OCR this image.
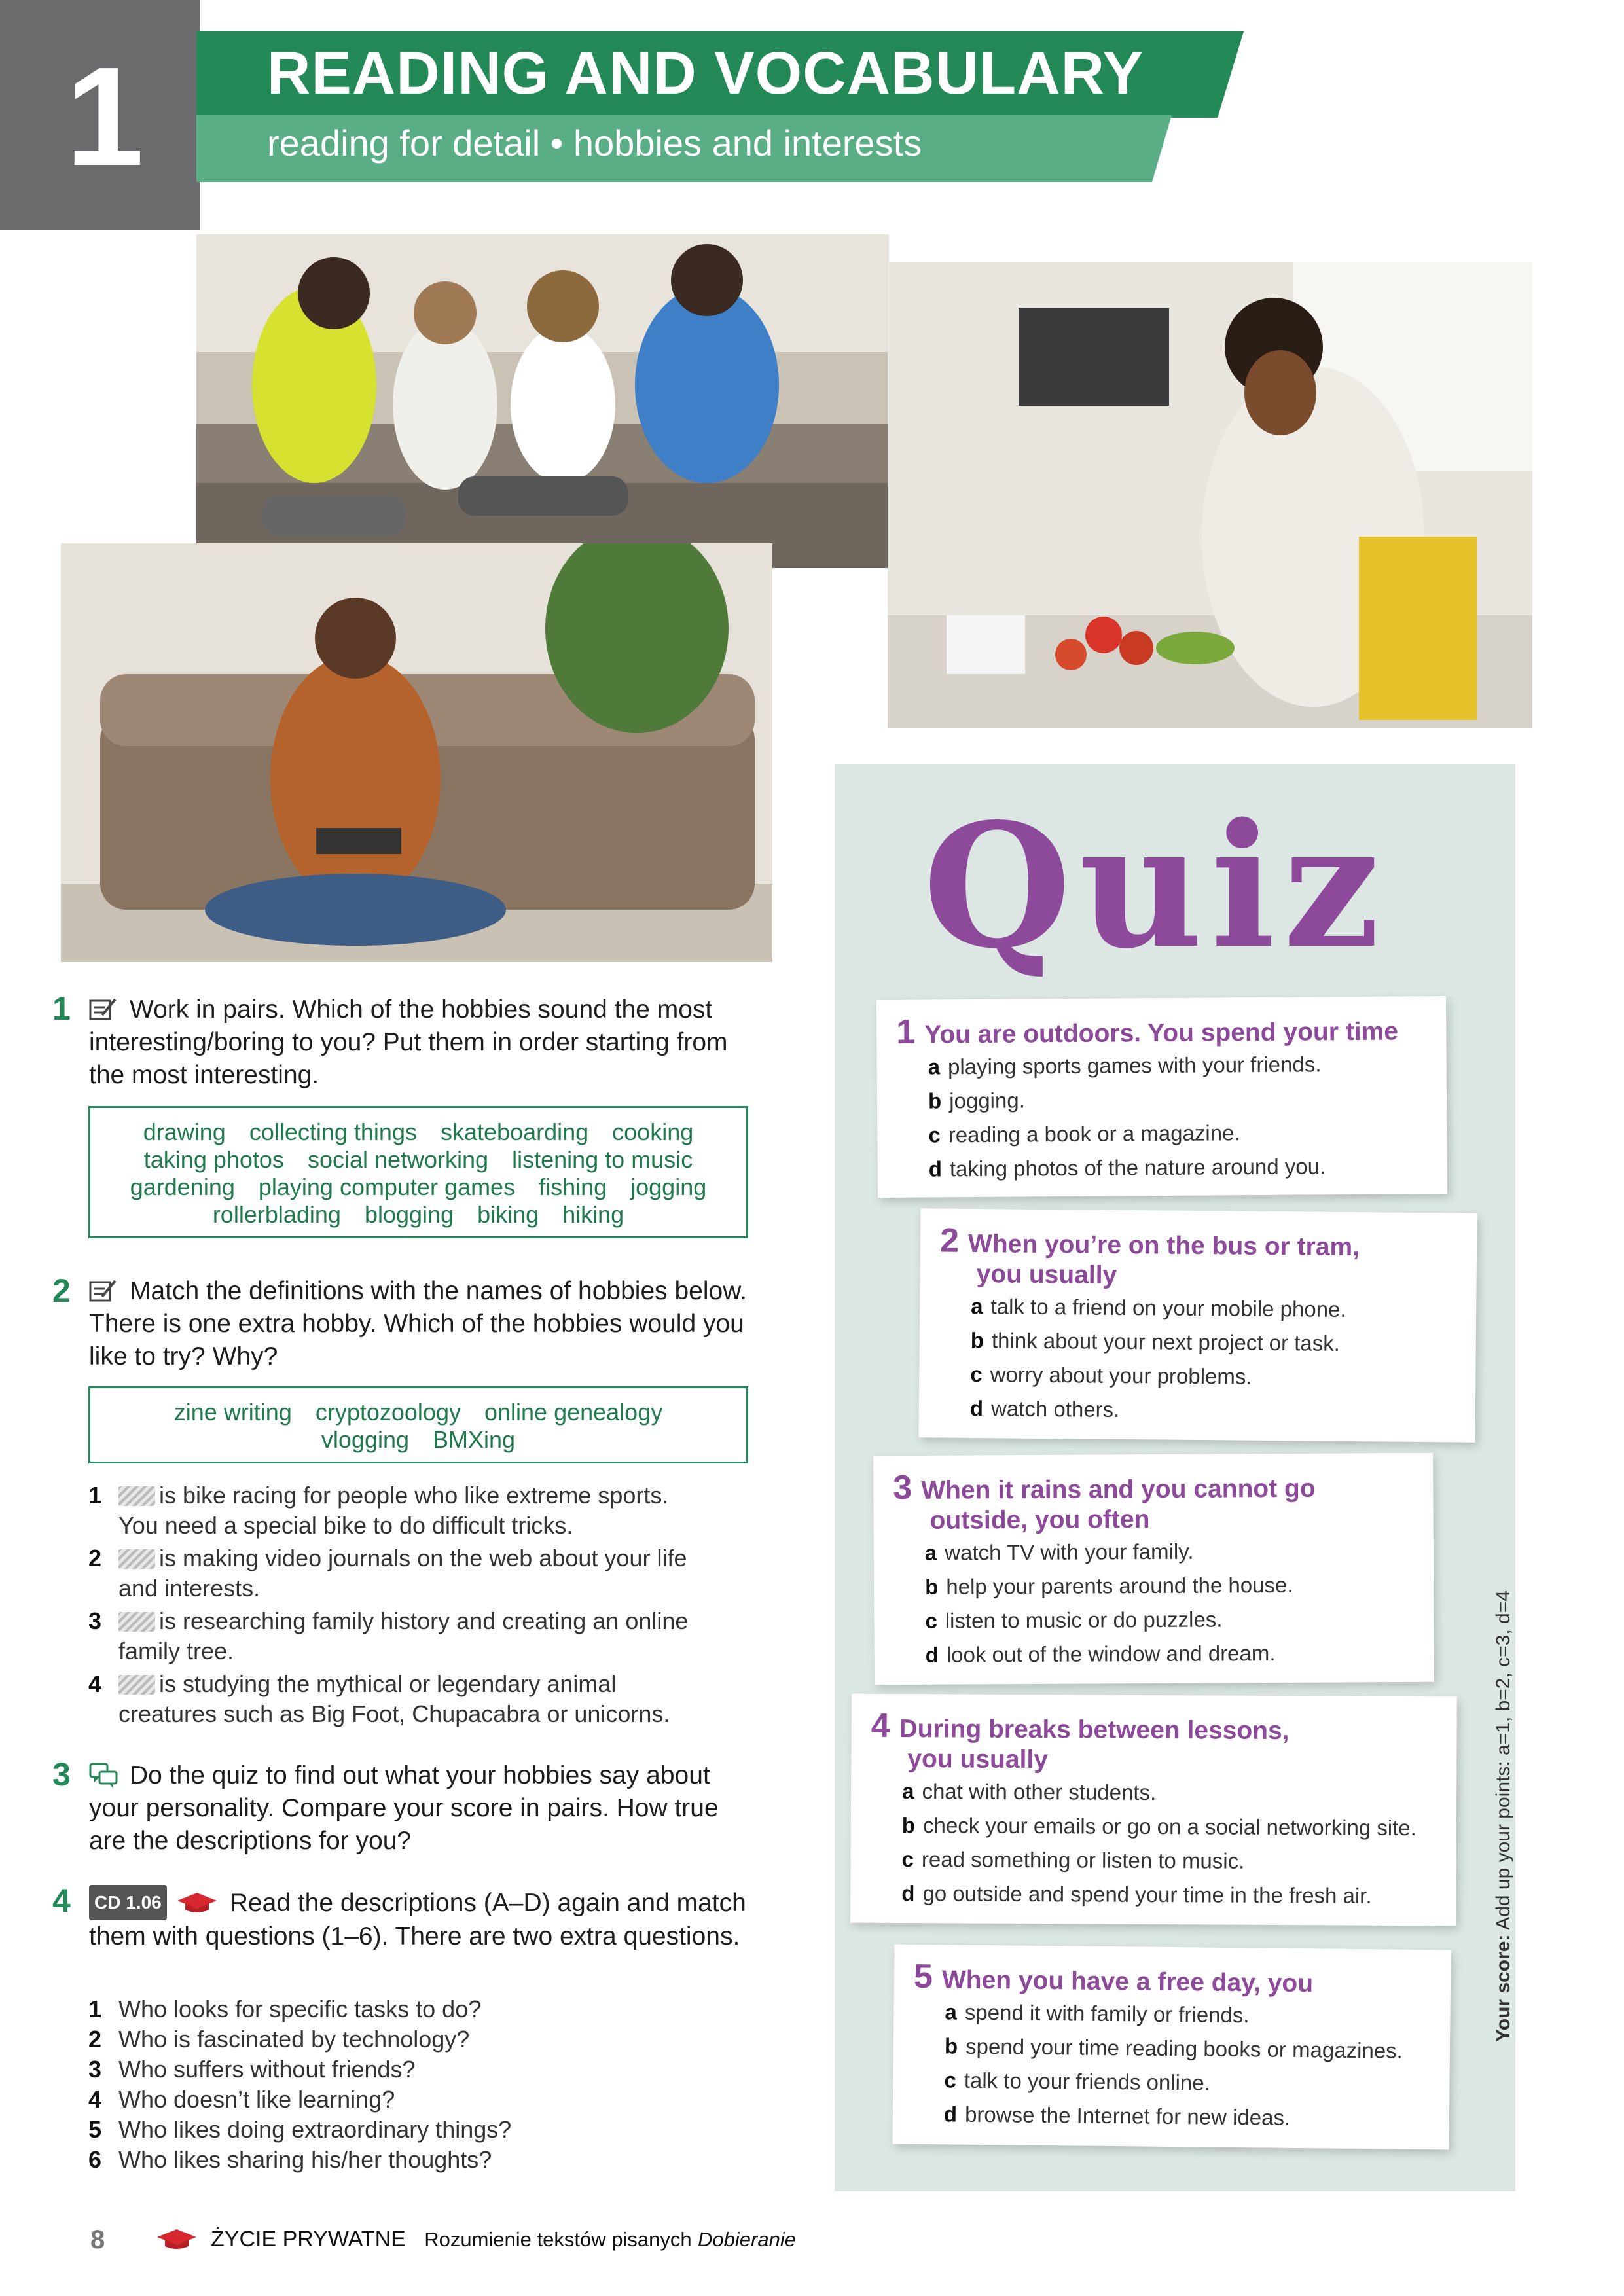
1	READING AND VOCABULARY
reading for detail • hobbies and interests
1	Work in pairs. Which of the hobbies sound the most interesting/boring to you? Put them in order starting from the most interesting.
drawing collecting things skateboarding cooking
taking photos social networking listening to music
gardening playing computer games fishing jogging
rollerblading blogging biking hiking
2	Match the definitions with the names of hobbies below. There is one extra hobby. Which of the hobbies would you like to try? Why?
zine writing cryptozoology online genealogy
vlogging BMXing
1 is bike racing for people who like extreme sports.
You need a special bike to do difficult tricks.
2 is making video journals on the web about your life
and interests.
3 is researching family history and creating an online
family tree.
4 is studying the mythical or legendary animal
creatures such as Big Foot, Chupacabra or unicorns.
3	Do the quiz to find out what your hobbies say about your personality. Compare your score in pairs. How true are the descriptions for you?
4 CD 1.06	Read the descriptions (A–D) again and match them with questions (1–6). There are two extra questions.
1 Who looks for specific tasks to do?
2 Who is fascinated by technology?
3 Who suffers without friends?
4 Who doesn’t like learning?
5 Who likes doing extraordinary things?
6 Who likes sharing his/her thoughts?
Quiz
1 You are outdoors. You spend your time
a playing sports games with your friends.
b jogging.
c reading a book or a magazine.
d taking photos of the nature around you.
2 When you’re on the bus or tram,
you usually
a talk to a friend on your mobile phone.
b think about your next project or task.
c worry about your problems.
d watch others.
3 When it rains and you cannot go
outside, you often
a watch TV with your family.
b help your parents around the house.
c listen to music or do puzzles.
d look out of the window and dream.
4 During breaks between lessons,
you usually
a chat with other students.
b check your emails or go on a social networking site.
c read something or listen to music.
d go outside and spend your time in the fresh air.
5 When you have a free day, you
a spend it with family or friends.
b spend your time reading books or magazines.
c talk to your friends online.
d browse the Internet for new ideas.
Your score: Add up your points: a=1, b=2, c=3, d=4
8	ŻYCIE PRYWATNE Rozumienie tekstów pisanych Dobieranie
